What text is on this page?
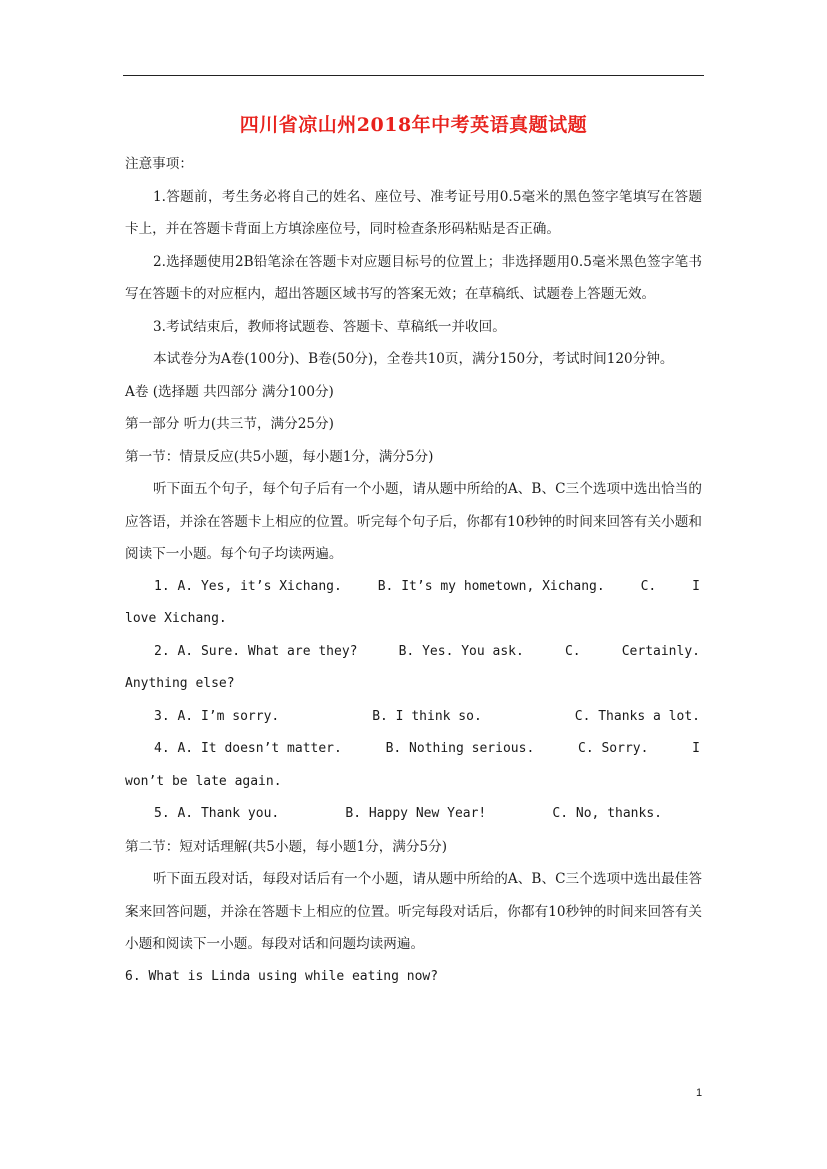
四川省凉山州2018年中考英语真题试题

注意事项：

1.答题前，考生务必将自己的姓名、座位号、准考证号用0.5毫米的黑色签字笔填写在答题卡上，并在答题卡背面上方填涂座位号，同时检查条形码粘贴是否正确。

2.选择题使用2B铅笔涂在答题卡对应题目标号的位置上；非选择题用0.5毫米黑色签字笔书写在答题卡的对应框内，超出答题区域书写的答案无效；在草稿纸、试题卷上答题无效。

3.考试结束后，教师将试题卷、答题卡、草稿纸一并收回。

本试卷分为A卷(100分)、B卷(50分)，全卷共10页，满分150分，考试时间120分钟。

A卷 (选择题 共四部分 满分100分)

第一部分 听力(共三节，满分25分)

第一节：情景反应(共5小题，每小题1分，满分5分)

听下面五个句子，每个句子后有一个小题，请从题中所给的A、B、C三个选项中选出恰当的应答语，并涂在答题卡上相应的位置。听完每个句子后，你都有10秒钟的时间来回答有关小题和阅读下一小题。每个句子均读两遍。

1. A. Yes, it’s Xichang.	B. It’s my hometown, Xichang.	C.	I

love Xichang.

2. A. Sure. What are they?	B. Yes. You ask.	C.	Certainly.

Anything else?

3. A. I’m sorry.	B. I think so.	C. Thanks a lot.
4. A. It doesn’t matter.	B. Nothing serious.	C. Sorry.	I

won’t be late again.

5. A. Thank you.	B. Happy New Year!	C. No, thanks.

第二节：短对话理解(共5小题，每小题1分，满分5分)

听下面五段对话，每段对话后有一个小题，请从题中所给的A、B、C三个选项中选出最佳答案来回答问题，并涂在答题卡上相应的位置。听完每段对话后，你都有10秒钟的时间来回答有关小题和阅读下一小题。每段对话和问题均读两遍。

6. What is Linda using while eating now?

1
